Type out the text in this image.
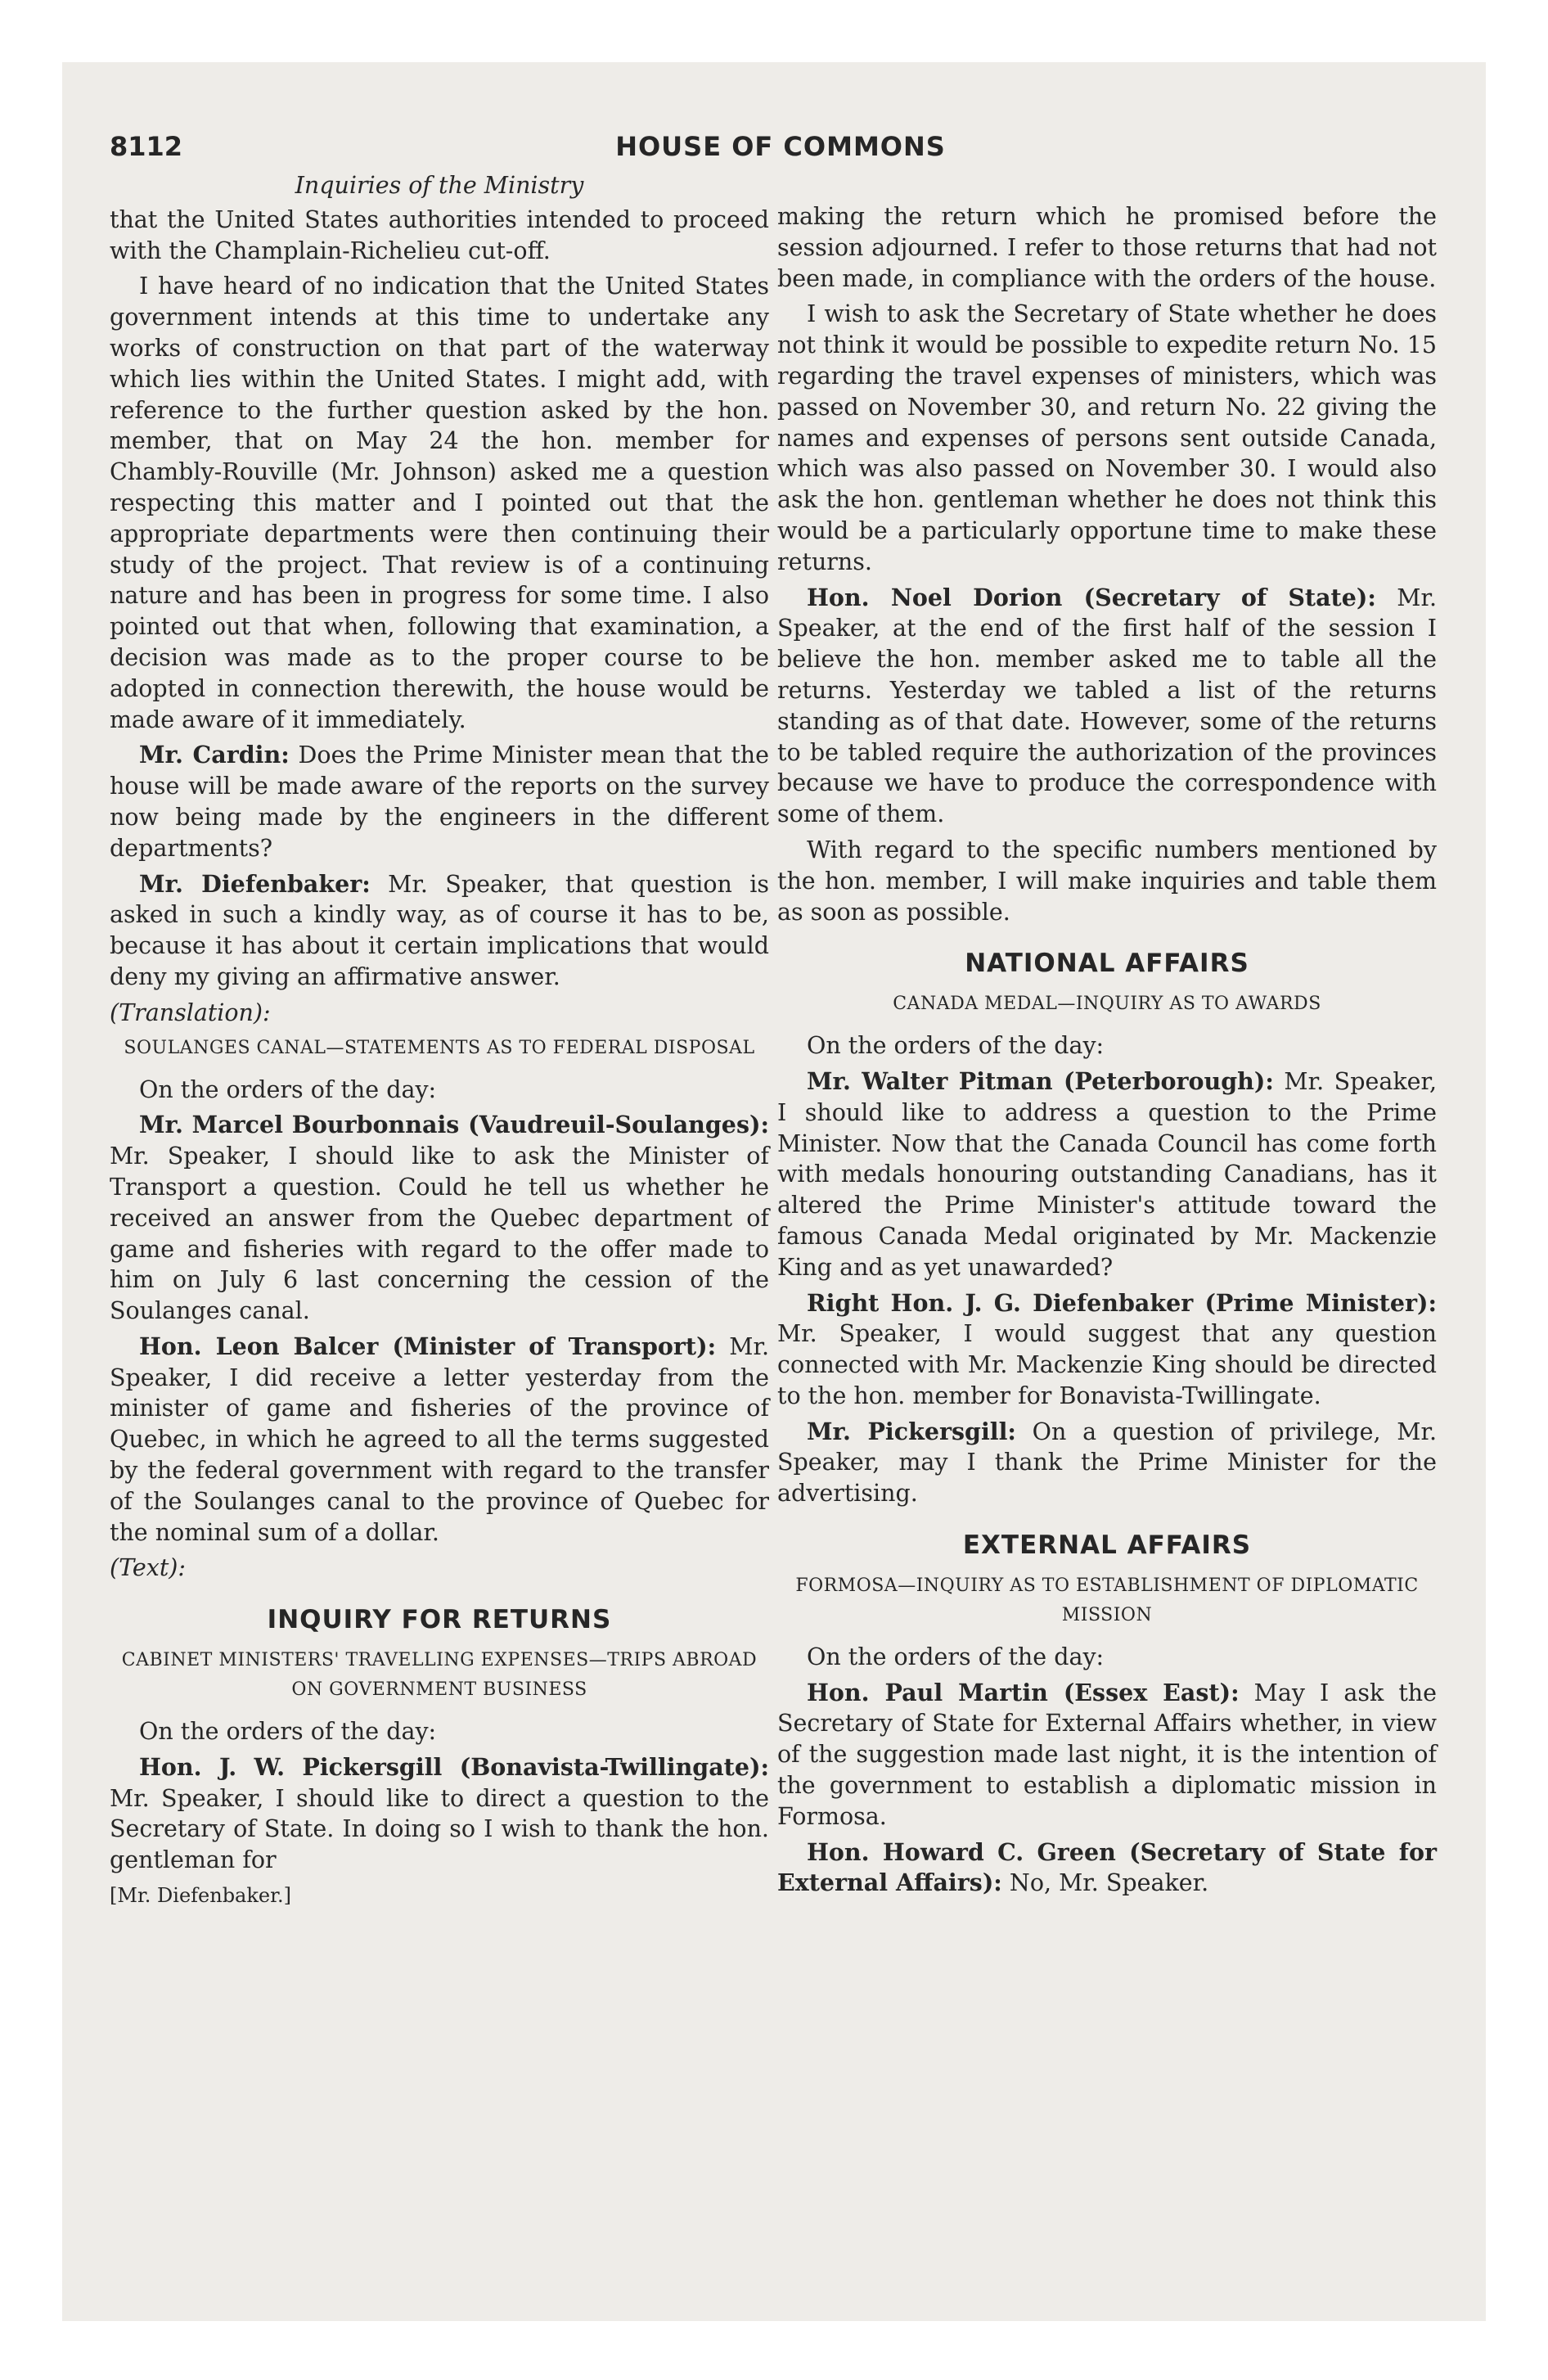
8112	HOUSE OF COMMONS
Inquiries of the Ministry

that the United States authorities intended to proceed with the Champlain-Richelieu cut-off.

I have heard of no indication that the United States government intends at this time to undertake any works of construction on that part of the waterway which lies within the United States. I might add, with reference to the further question asked by the hon. member, that on May 24 the hon. member for Chambly-Rouville (Mr. Johnson) asked me a question respecting this matter and I pointed out that the appropriate departments were then continuing their study of the project. That review is of a continuing nature and has been in progress for some time. I also pointed out that when, following that examination, a decision was made as to the proper course to be adopted in connection therewith, the house would be made aware of it immediately.

Mr. Cardin: Does the Prime Minister mean that the house will be made aware of the reports on the survey now being made by the engineers in the different departments?

Mr. Diefenbaker: Mr. Speaker, that question is asked in such a kindly way, as of course it has to be, because it has about it certain implications that would deny my giving an affirmative answer.

(Translation):

SOULANGES CANAL—STATEMENTS AS TO FEDERAL DISPOSAL

On the orders of the day:

Mr. Marcel Bourbonnais (Vaudreuil-Soulanges): Mr. Speaker, I should like to ask the Minister of Transport a question. Could he tell us whether he received an answer from the Quebec department of game and fisheries with regard to the offer made to him on July 6 last concerning the cession of the Soulanges canal.

Hon. Leon Balcer (Minister of Transport): Mr. Speaker, I did receive a letter yesterday from the minister of game and fisheries of the province of Quebec, in which he agreed to all the terms suggested by the federal government with regard to the transfer of the Soulanges canal to the province of Quebec for the nominal sum of a dollar.

(Text):

INQUIRY FOR RETURNS
CABINET MINISTERS' TRAVELLING EXPENSES—TRIPS ABROAD ON GOVERNMENT BUSINESS

On the orders of the day:

Hon. J. W. Pickersgill (Bonavista-Twillingate): Mr. Speaker, I should like to direct a question to the Secretary of State. In doing so I wish to thank the hon. gentleman for

[Mr. Diefenbaker.]

making the return which he promised before the session adjourned. I refer to those returns that had not been made, in compliance with the orders of the house.

I wish to ask the Secretary of State whether he does not think it would be possible to expedite return No. 15 regarding the travel expenses of ministers, which was passed on November 30, and return No. 22 giving the names and expenses of persons sent outside Canada, which was also passed on November 30. I would also ask the hon. gentleman whether he does not think this would be a particularly opportune time to make these returns.

Hon. Noel Dorion (Secretary of State): Mr. Speaker, at the end of the first half of the session I believe the hon. member asked me to table all the returns. Yesterday we tabled a list of the returns standing as of that date. However, some of the returns to be tabled require the authorization of the provinces because we have to produce the correspondence with some of them.

With regard to the specific numbers mentioned by the hon. member, I will make inquiries and table them as soon as possible.

NATIONAL AFFAIRS
CANADA MEDAL—INQUIRY AS TO AWARDS

On the orders of the day:

Mr. Walter Pitman (Peterborough): Mr. Speaker, I should like to address a question to the Prime Minister. Now that the Canada Council has come forth with medals honouring outstanding Canadians, has it altered the Prime Minister's attitude toward the famous Canada Medal originated by Mr. Mackenzie King and as yet unawarded?

Right Hon. J. G. Diefenbaker (Prime Minister): Mr. Speaker, I would suggest that any question connected with Mr. Mackenzie King should be directed to the hon. member for Bonavista-Twillingate.

Mr. Pickersgill: On a question of privilege, Mr. Speaker, may I thank the Prime Minister for the advertising.

EXTERNAL AFFAIRS
FORMOSA—INQUIRY AS TO ESTABLISHMENT OF DIPLOMATIC MISSION

On the orders of the day:

Hon. Paul Martin (Essex East): May I ask the Secretary of State for External Affairs whether, in view of the suggestion made last night, it is the intention of the government to establish a diplomatic mission in Formosa.

Hon. Howard C. Green (Secretary of State for External Affairs): No, Mr. Speaker.
